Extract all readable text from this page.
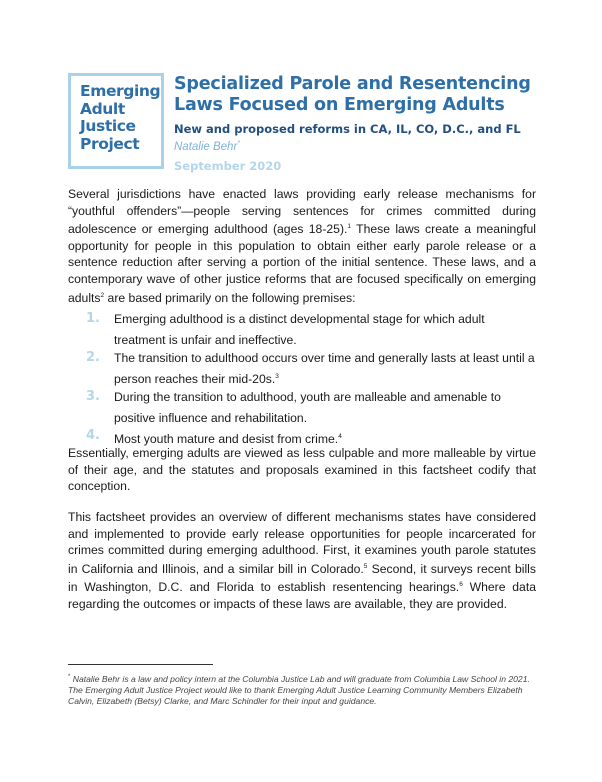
Emerging
Adult
Justice
Project
Specialized Parole and Resentencing Laws Focused on Emerging Adults
New and proposed reforms in CA, IL, CO, D.C., and FL
Natalie Behr*
September 2020

Several jurisdictions have enacted laws providing early release mechanisms for “youthful offenders”—people serving sentences for crimes committed during adolescence or emerging adulthood (ages 18-25).$^1$ These laws create a meaningful opportunity for people in this population to obtain either early parole release or a sentence reduction after serving a portion of the initial sentence. These laws, and a contemporary wave of other justice reforms that are focused specifically on emerging adults$^2$ are based primarily on the following premises:

1. Emerging adulthood is a distinct developmental stage for which adult treatment is unfair and ineffective.
2. The transition to adulthood occurs over time and generally lasts at least until a person reaches their mid-20s.$^3$
3. During the transition to adulthood, youth are malleable and amenable to positive influence and rehabilitation.
4. Most youth mature and desist from crime.$^4$

Essentially, emerging adults are viewed as less culpable and more malleable by virtue of their age, and the statutes and proposals examined in this factsheet codify that conception.

This factsheet provides an overview of different mechanisms states have considered and implemented to provide early release opportunities for people incarcerated for crimes committed during emerging adulthood. First, it examines youth parole statutes in California and Illinois, and a similar bill in Colorado.$^5$ Second, it surveys recent bills in Washington, D.C. and Florida to establish resentencing hearings.$^6$ Where data regarding the outcomes or impacts of these laws are available, they are provided.

* Natalie Behr is a law and policy intern at the Columbia Justice Lab and will graduate from Columbia Law School in 2021. The Emerging Adult Justice Project would like to thank Emerging Adult Justice Learning Community Members Elizabeth Calvin, Elizabeth (Betsy) Clarke, and Marc Schindler for their input and guidance.
